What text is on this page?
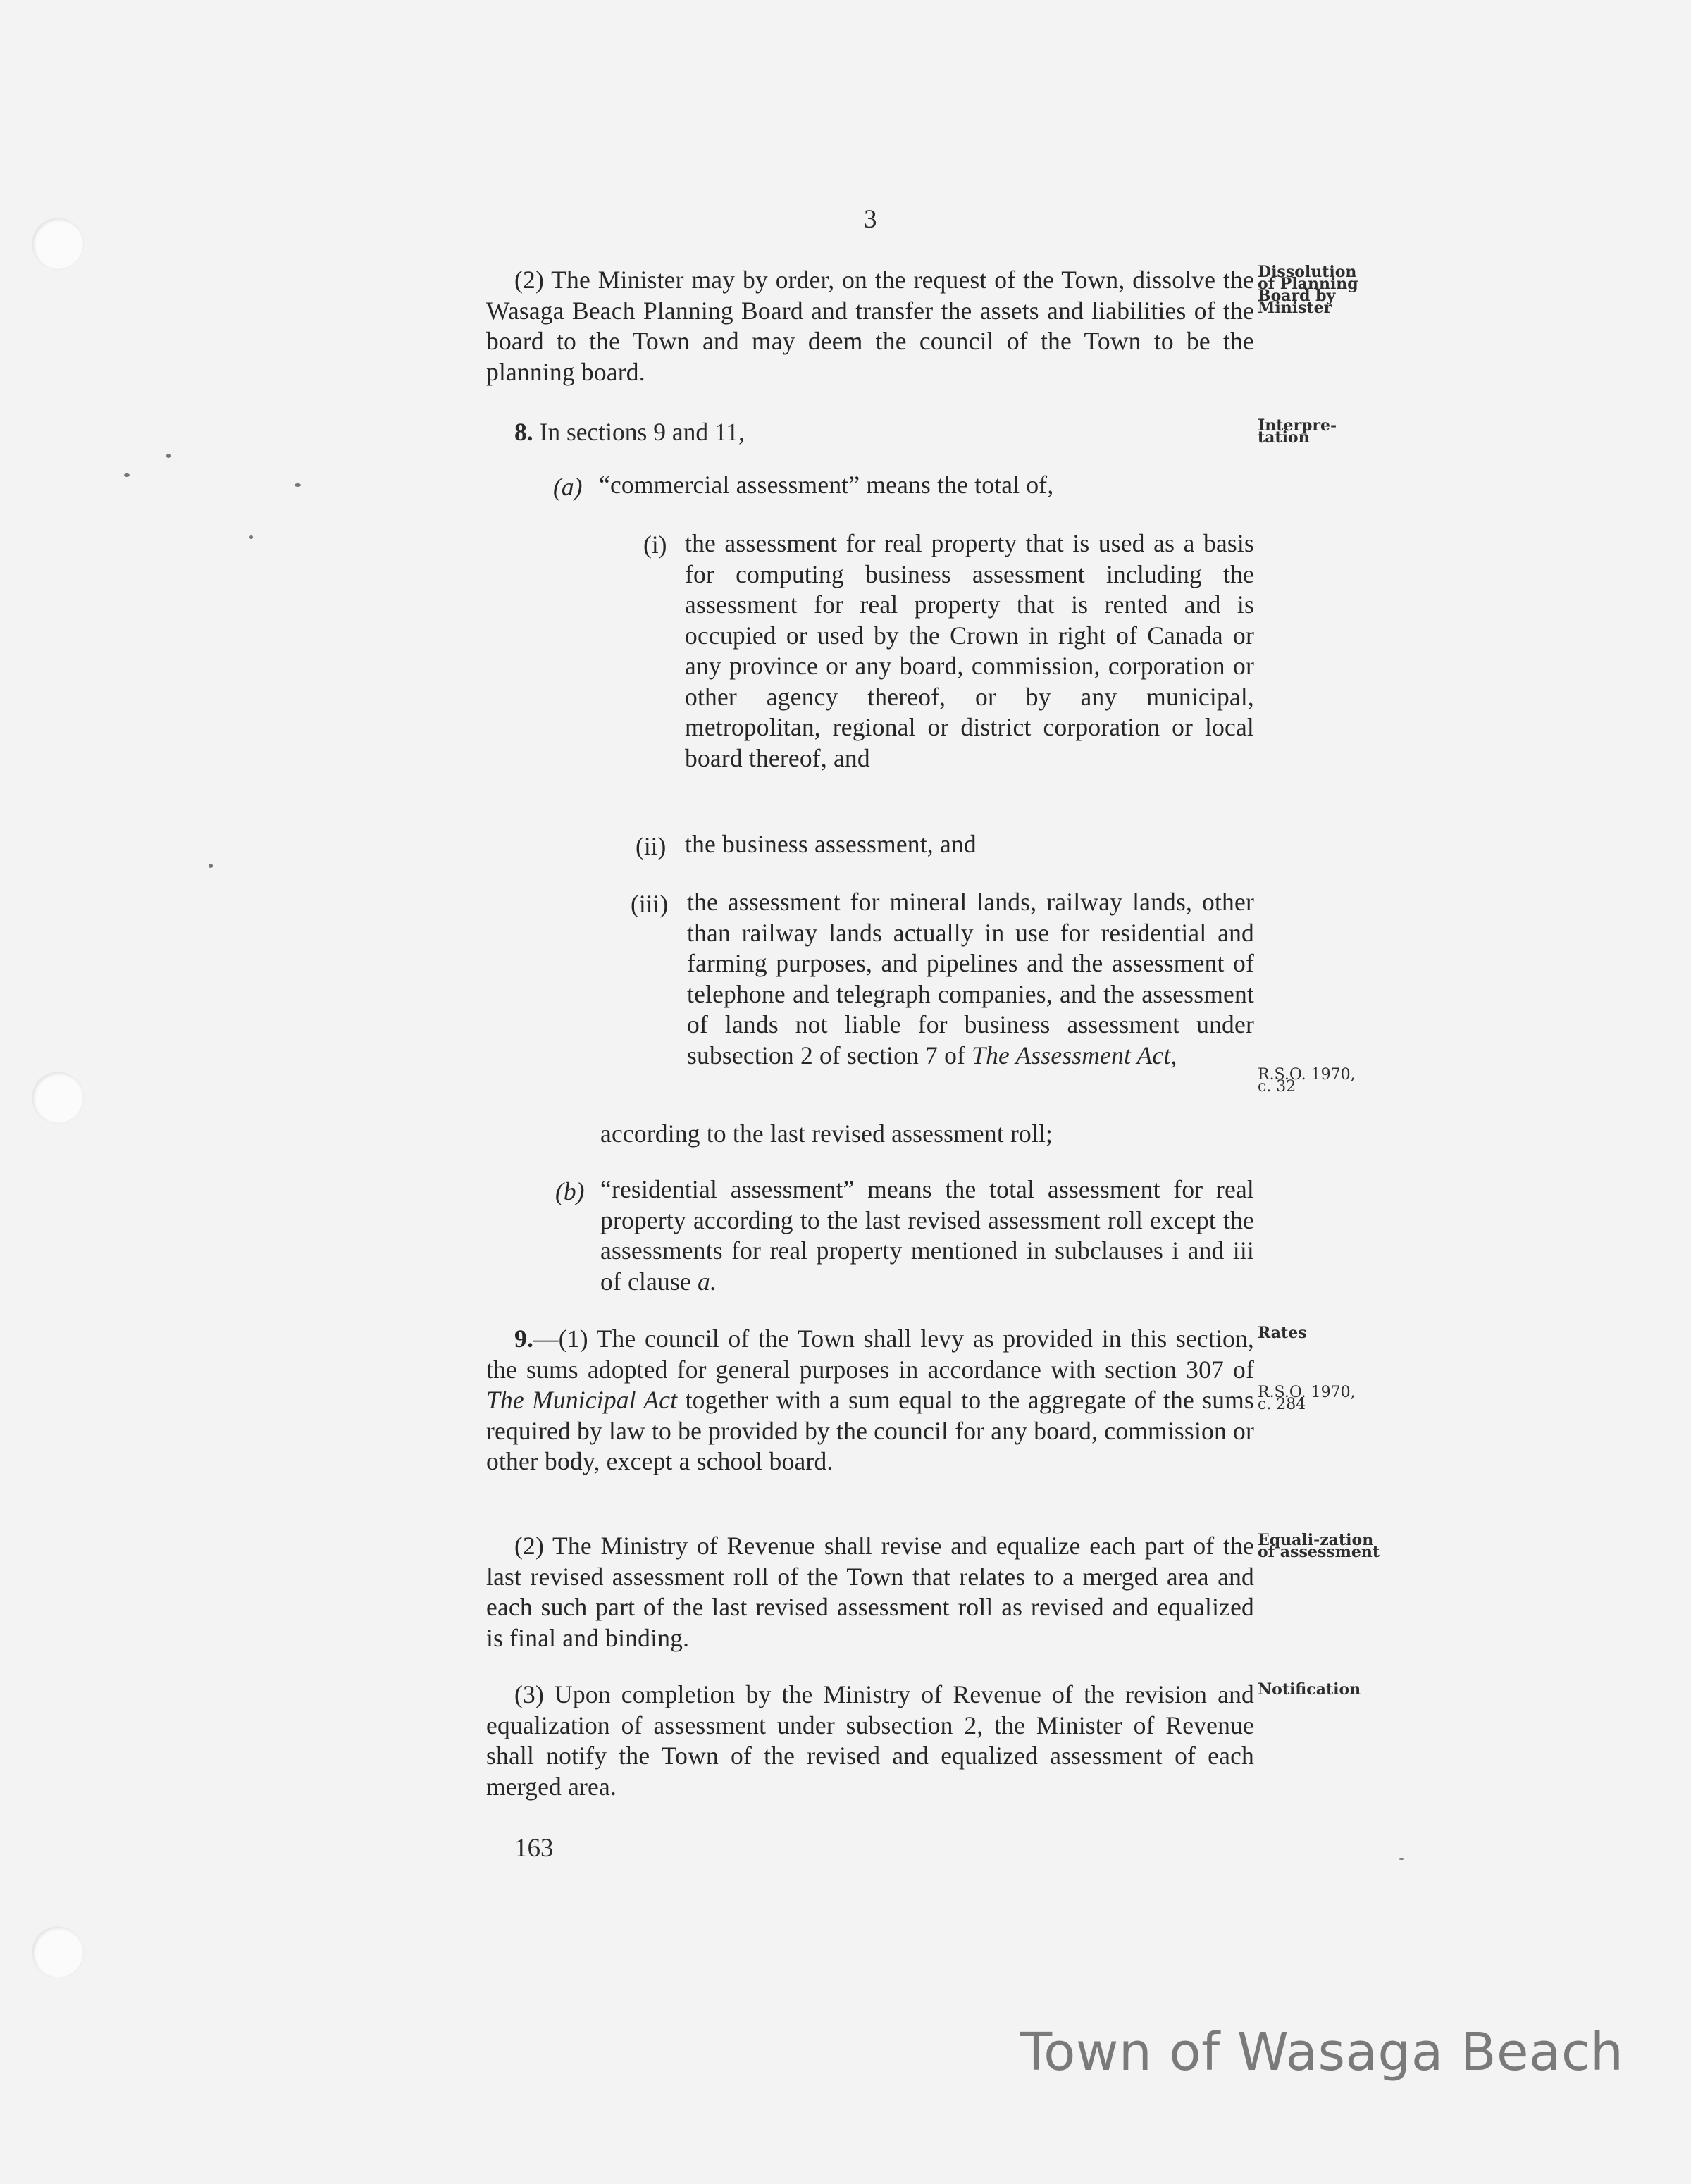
3
Dissolution of Planning Board by Minister
(2) The Minister may by order, on the request of the Town, dissolve the Wasaga Beach Planning Board and transfer the assets and liabilities of the board to the Town and may deem the council of the Town to be the planning board.
8. In sections 9 and 11,	Interpre-tation
(a) “commercial assessment” means the total of,
(i) the assessment for real property that is used as a basis for computing business assessment including the assessment for real property that is rented and is occupied or used by the Crown in right of Canada or any province or any board, commission, corporation or other agency thereof, or by any municipal, metropolitan, regional or district corporation or local board thereof, and
(ii) the business assessment, and
(iii) the assessment for mineral lands, railway lands, other than railway lands actually in use for residential and farming purposes, and pipelines and the assessment of telephone and telegraph companies, and the assessment of lands not liable for business assessment under subsection 2 of section 7 of The Assessment Act,
R.S.O. 1970, c. 32
according to the last revised assessment roll;
(b) “residential assessment” means the total assessment for real property according to the last revised assessment roll except the assessments for real property mentioned in subclauses i and iii of clause a.
9.—(1) The council of the Town shall levy as provided in this section, the sums adopted for general purposes in accordance with section 307 of The Municipal Act together with a sum equal to the aggregate of the sums required by law to be provided by the council for any board, commission or other body, except a school board.
Rates
R.S.O. 1970, c. 284
(2) The Ministry of Revenue shall revise and equalize each part of the last revised assessment roll of the Town that relates to a merged area and each such part of the last revised assessment roll as revised and equalized is final and binding.
Equali-zation of assessment
(3) Upon completion by the Ministry of Revenue of the revision and equalization of assessment under subsection 2, the Minister of Revenue shall notify the Town of the revised and equalized assessment of each merged area.
Notification
163
Town of Wasaga Beach
